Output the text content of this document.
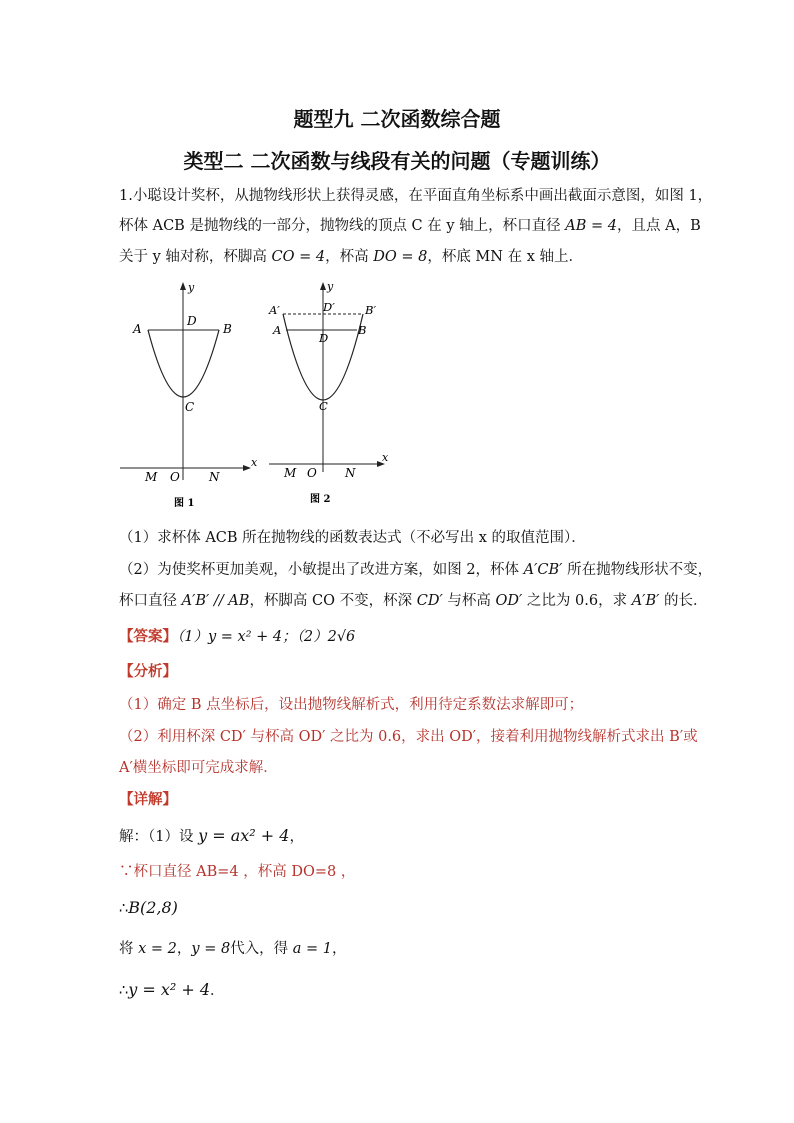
题型九 二次函数综合题
类型二 二次函数与线段有关的问题（专题训练）
1.小聪设计奖杯，从抛物线形状上获得灵感，在平面直角坐标系中画出截面示意图，如图 1，
杯体 ACB 是抛物线的一部分，抛物线的顶点 C 在 y 轴上，杯口直径 AB = 4，且点 A，B
关于 y 轴对称，杯脚高 CO = 4，杯高 DO = 8，杯底 MN 在 x 轴上．
y
x
A	B
D
C
M O N
图 1
y
x
A′	B′
D′
A	B
D
C
M O N
图 2
（1）求杯体 ACB 所在抛物线的函数表达式（不必写出 x 的取值范围）．
（2）为使奖杯更加美观，小敏提出了改进方案，如图 2，杯体 A′CB′ 所在抛物线形状不变，
杯口直径 A′B′ // AB，杯脚高 CO 不变，杯深 CD′ 与杯高 OD′ 之比为 0.6，求 A′B′ 的长．
【答案】（1）y = x² + 4；（2）2√6
【分析】
（1）确定 B 点坐标后，设出抛物线解析式，利用待定系数法求解即可；
（2）利用杯深 CD′ 与杯高 OD′ 之比为 0.6，求出 OD′，接着利用抛物线解析式求出 B′或
A′横坐标即可完成求解．
【详解】
解：（1）设 y = ax² + 4，
∵杯口直径 AB=4 ，杯高 DO=8 ，
∴B(2,8)
将 x = 2，y = 8代入，得 a = 1，
∴y = x² + 4．
